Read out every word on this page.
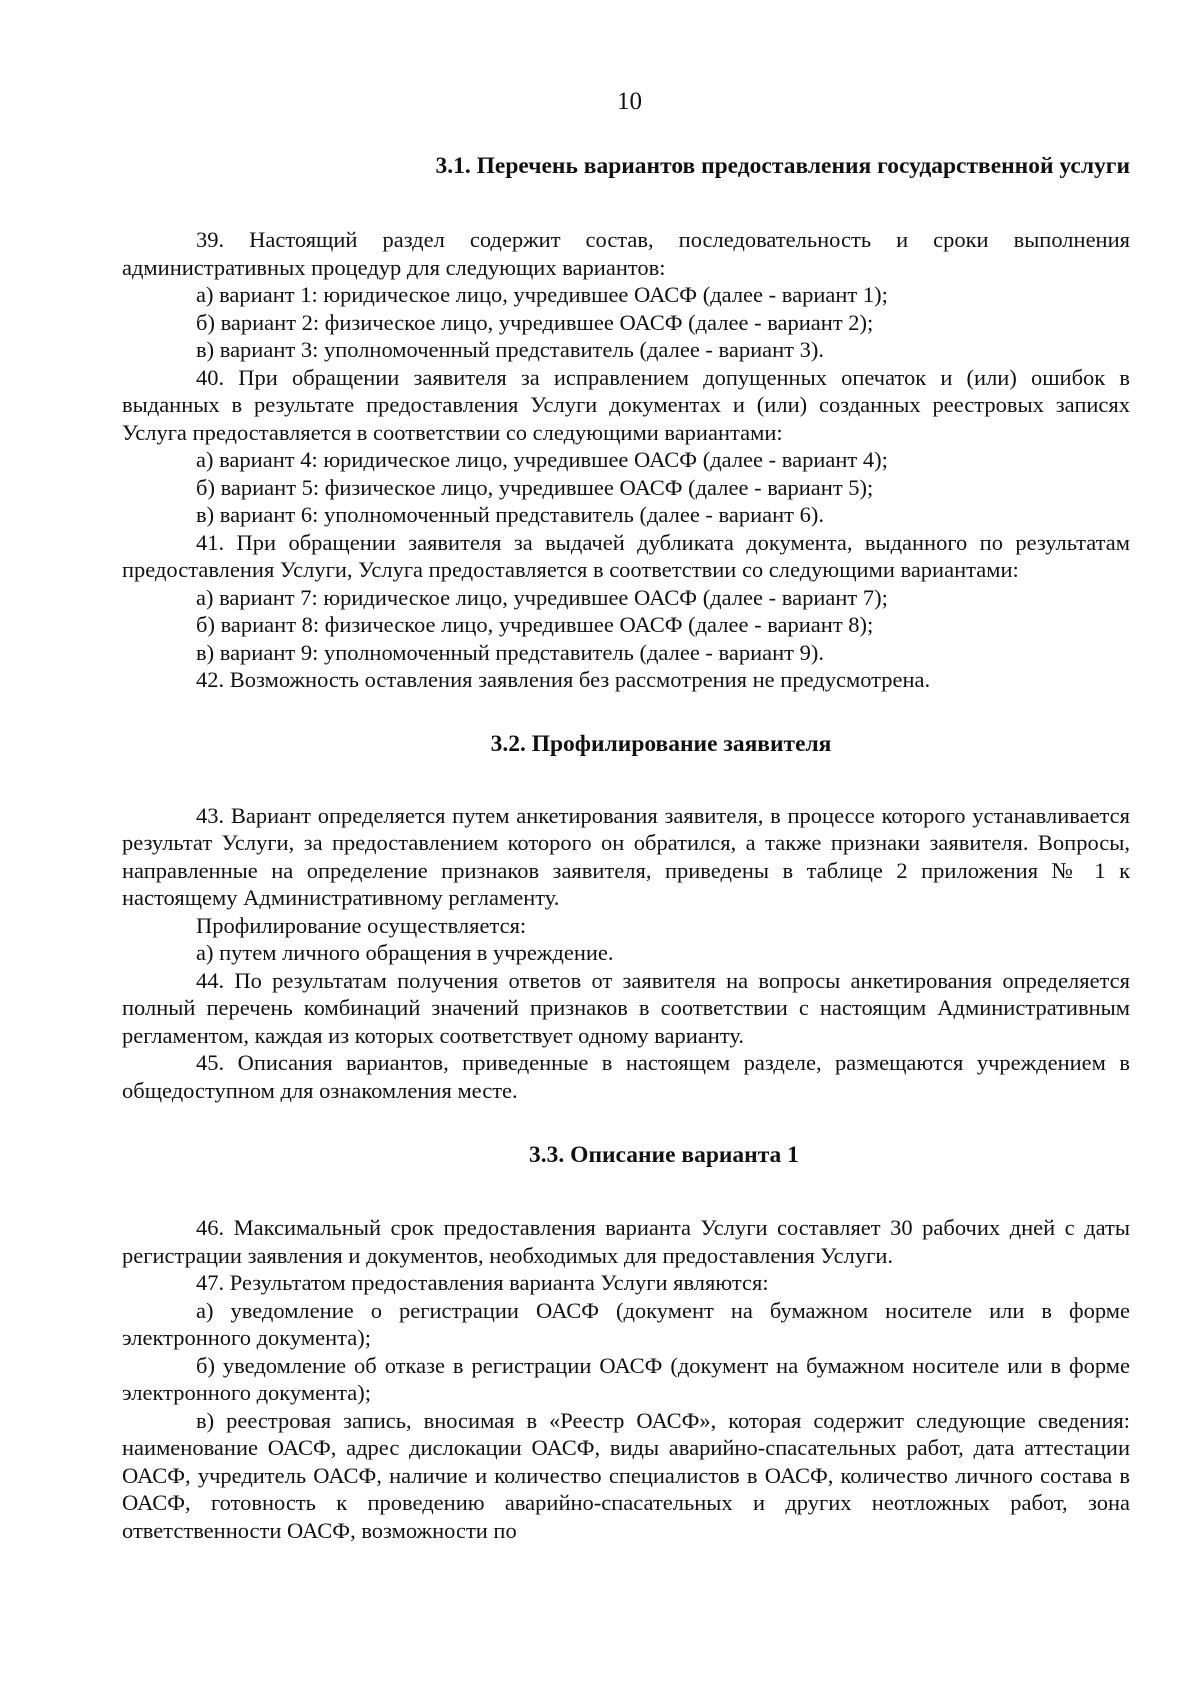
10
3.1. Перечень вариантов предоставления государственной услуги

39. Настоящий раздел содержит состав, последовательность и сроки выполнения административных процедур для следующих вариантов:

а) вариант 1: юридическое лицо, учредившее ОАСФ (далее - вариант 1);

б) вариант 2: физическое лицо, учредившее ОАСФ (далее - вариант 2);

в) вариант 3: уполномоченный представитель (далее - вариант 3).

40. При обращении заявителя за исправлением допущенных опечаток и (или) ошибок в выданных в результате предоставления Услуги документах и (или) созданных реестровых записях Услуга предоставляется в соответствии со следующими вариантами:

а) вариант 4: юридическое лицо, учредившее ОАСФ (далее - вариант 4);

б) вариант 5: физическое лицо, учредившее ОАСФ (далее - вариант 5);

в) вариант 6: уполномоченный представитель (далее - вариант 6).

41. При обращении заявителя за выдачей дубликата документа, выданного по результатам предоставления Услуги, Услуга предоставляется в соответствии со следующими вариантами:

а) вариант 7: юридическое лицо, учредившее ОАСФ (далее - вариант 7);

б) вариант 8: физическое лицо, учредившее ОАСФ (далее - вариант 8);

в) вариант 9: уполномоченный представитель (далее - вариант 9).

42. Возможность оставления заявления без рассмотрения не предусмотрена.

3.2. Профилирование заявителя

43. Вариант определяется путем анкетирования заявителя, в процессе которого устанавливается результат Услуги, за предоставлением которого он обратился, а также признаки заявителя. Вопросы, направленные на определение признаков заявителя, приведены в таблице 2 приложения № 1 к настоящему Административному регламенту.

Профилирование осуществляется:

а) путем личного обращения в учреждение.

44. По результатам получения ответов от заявителя на вопросы анкетирования определяется полный перечень комбинаций значений признаков в соответствии с настоящим Административным регламентом, каждая из которых соответствует одному варианту.

45. Описания вариантов, приведенные в настоящем разделе, размещаются учреждением в общедоступном для ознакомления месте.

3.3. Описание варианта 1

46. Максимальный срок предоставления варианта Услуги составляет 30 рабочих дней с даты регистрации заявления и документов, необходимых для предоставления Услуги.

47. Результатом предоставления варианта Услуги являются:

а) уведомление о регистрации ОАСФ (документ на бумажном носителе или в форме электронного документа);

б) уведомление об отказе в регистрации ОАСФ (документ на бумажном носителе или в форме электронного документа);

в) реестровая запись, вносимая в «Реестр ОАСФ», которая содержит следующие сведения: наименование ОАСФ, адрес дислокации ОАСФ, виды аварийно-спасательных работ, дата аттестации ОАСФ, учредитель ОАСФ, наличие и количество специалистов в ОАСФ, количество личного состава в ОАСФ, готовность к проведению аварийно-спасательных и других неотложных работ, зона ответственности ОАСФ, возможности по
